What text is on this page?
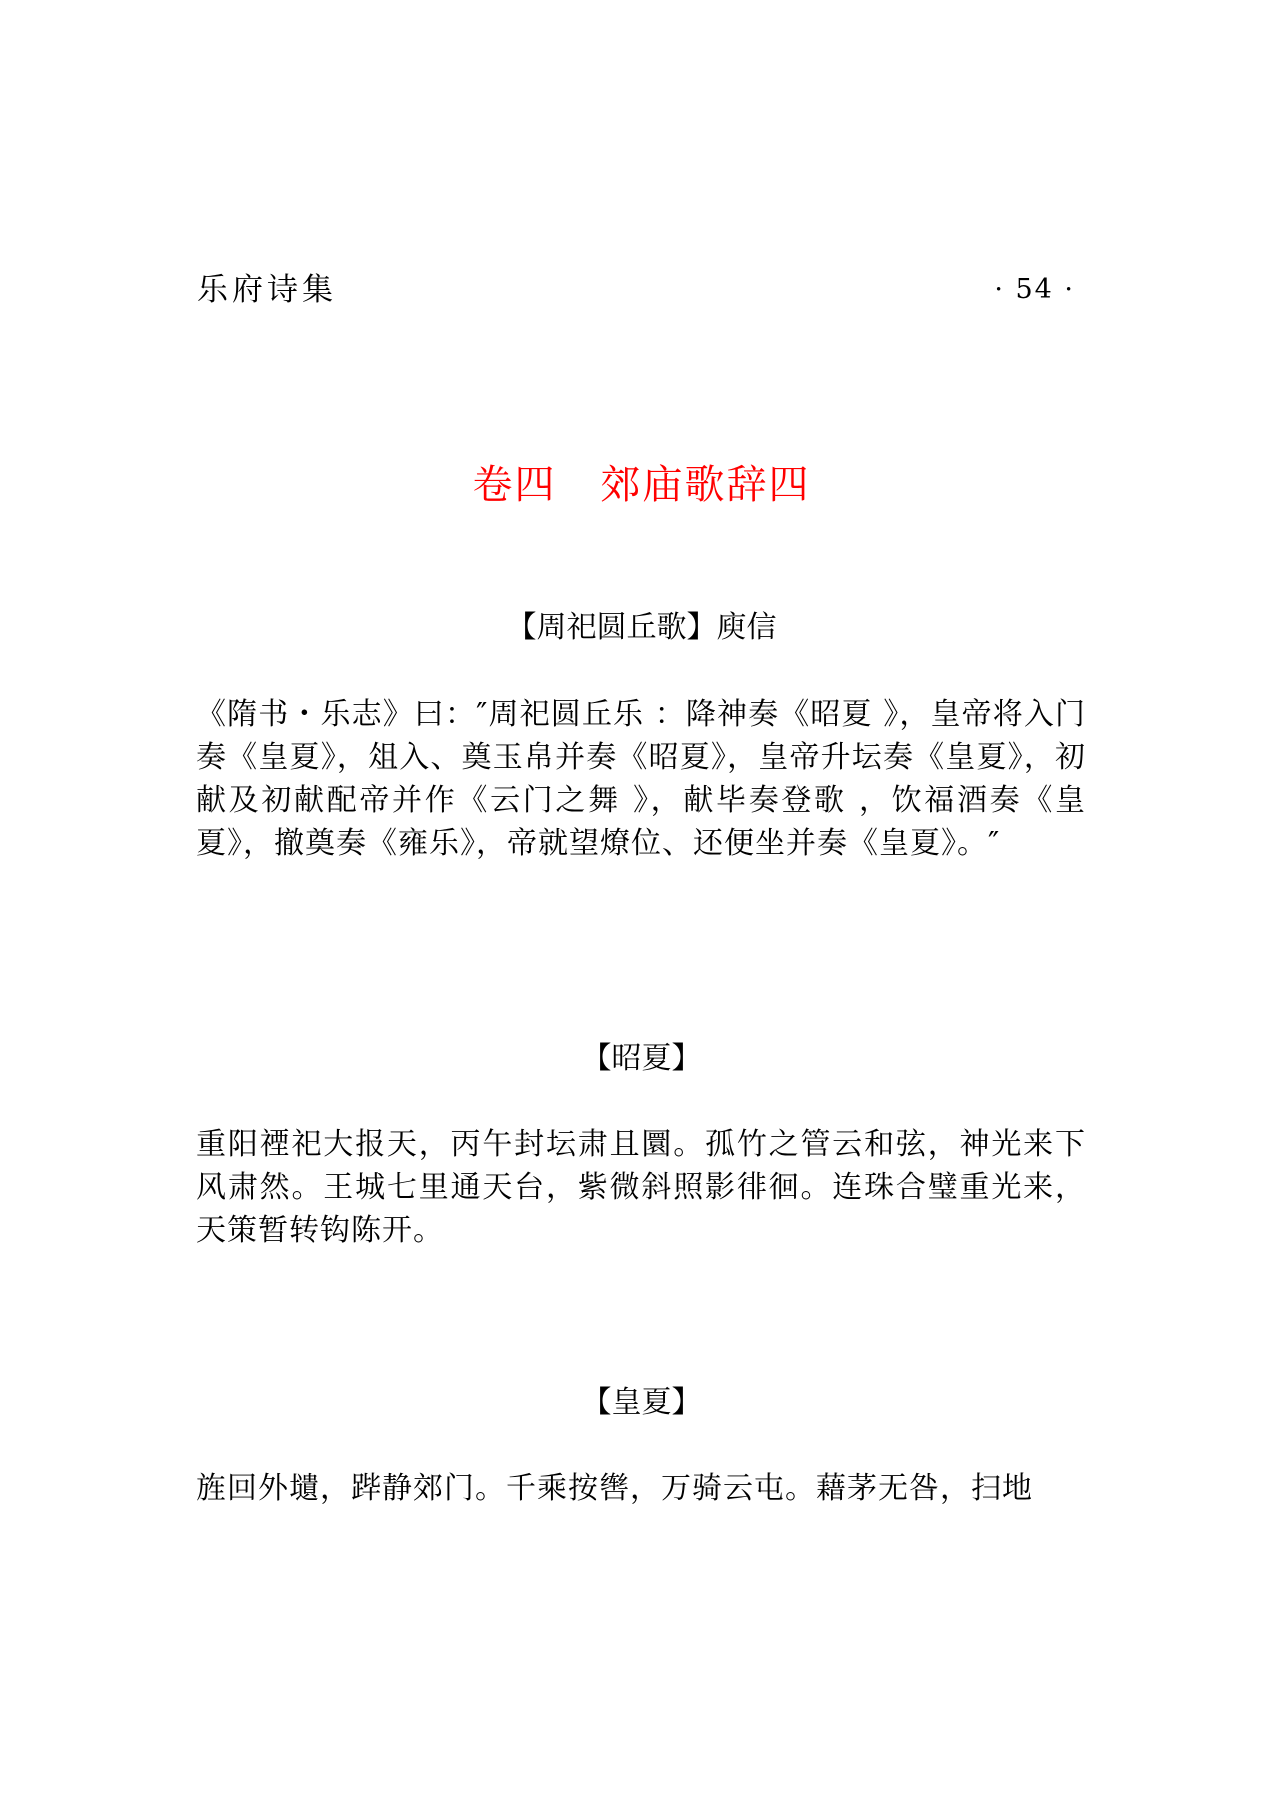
乐府诗集	· 54 ·
卷四 郊庙歌辞四
【周祀圆丘歌】庾信
《隋书・乐志》曰：″周祀圆丘乐 ：降神奏《昭夏 》，皇帝将入门奏《皇夏》，俎入、奠玉帛并奏《昭夏》，皇帝升坛奏《皇夏》，初献及初献配帝并作《云门之舞 》，献毕奏登歌 ，饮福酒奏《皇夏》，撤奠奏《雍乐》，帝就望燎位、还便坐并奏《皇夏》。″
【昭夏】
重阳禋祀大报天，丙午封坛肃且圜。孤竹之管云和弦，神光来下风肃然。王城七里通天台，紫微斜照影徘徊。连珠合璧重光来，天策暂转钩陈开。
【皇夏】
旌回外壝，跸静郊门。千乘按辔，万骑云屯。藉茅无咎，扫地
